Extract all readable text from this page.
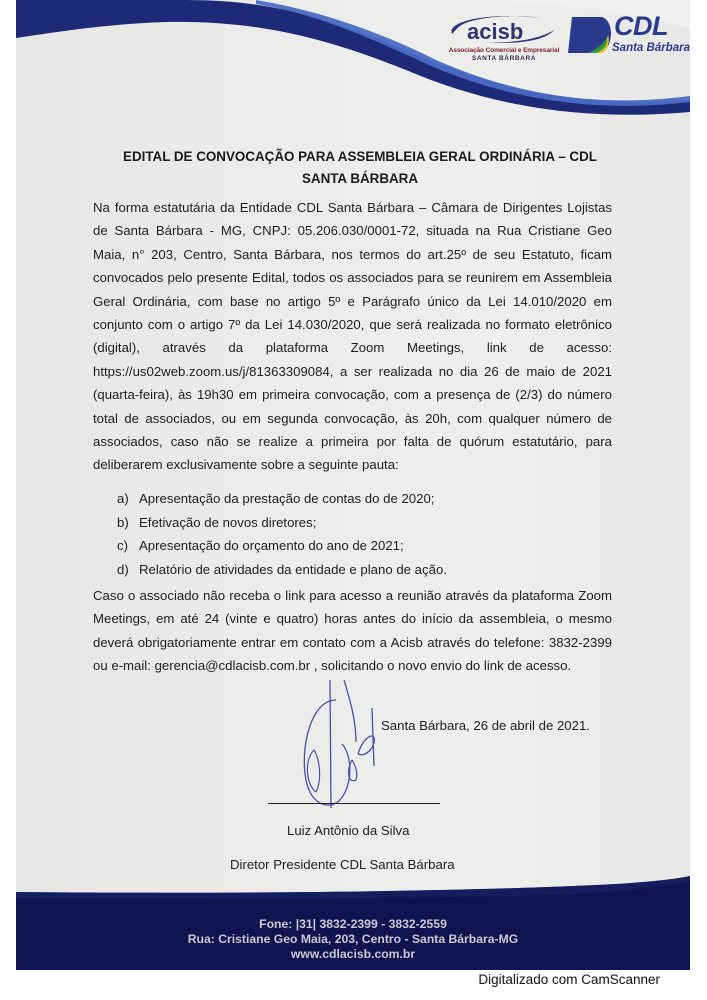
acisb
Associação Comercial e Empresarial
SANTA BÁRBARA
CDL
Santa Bárbara
EDITAL DE CONVOCAÇÃO PARA ASSEMBLEIA GERAL ORDINÁRIA – CDL SANTA BÁRBARA
Na forma estatutária da Entidade CDL Santa Bárbara – Câmara de Dirigentes Lojistas de Santa Bárbara - MG, CNPJ: 05.206.030/0001-72, situada na Rua Cristiane Geo Maia, n° 203, Centro, Santa Bárbara, nos termos do art.25º de seu Estatuto, ficam convocados pelo presente Edital, todos os associados para se reunirem em Assembleia Geral Ordinária, com base no artigo 5º e Parágrafo único da Lei 14.010/2020 em conjunto com o artigo 7º da Lei 14.030/2020, que será realizada no formato eletrônico (digital), através da plataforma Zoom Meetings, link de acesso: https://us02web.zoom.us/j/81363309084, a ser realizada no dia 26 de maio de 2021 (quarta-feira), às 19h30 em primeira convocação, com a presença de (2/3) do número total de associados, ou em segunda convocação, às 20h, com qualquer número de associados, caso não se realize a primeira por falta de quórum estatutário, para deliberarem exclusivamente sobre a seguinte pauta:
a) Apresentação da prestação de contas do de 2020;
b) Efetivação de novos diretores;
c) Apresentação do orçamento do ano de 2021;
d) Relatório de atividades da entidade e plano de ação.
Caso o associado não receba o link para acesso a reunião através da plataforma Zoom Meetings, em até 24 (vinte e quatro) horas antes do início da assembleia, o mesmo deverá obrigatoriamente entrar em contato com a Acisb através do telefone: 3832-2399 ou e-mail: gerencia@cdlacisb.com.br , solicitando o novo envio do link de acesso.
Santa Bárbara, 26 de abril de 2021.
Luiz Antônio da Silva
Diretor Presidente CDL Santa Bárbara
Fone: |31| 3832-2399 - 3832-2559
Rua: Cristiane Geo Maia, 203, Centro - Santa Bárbara-MG
www.cdlacisb.com.br
Digitalizado com CamScanner
